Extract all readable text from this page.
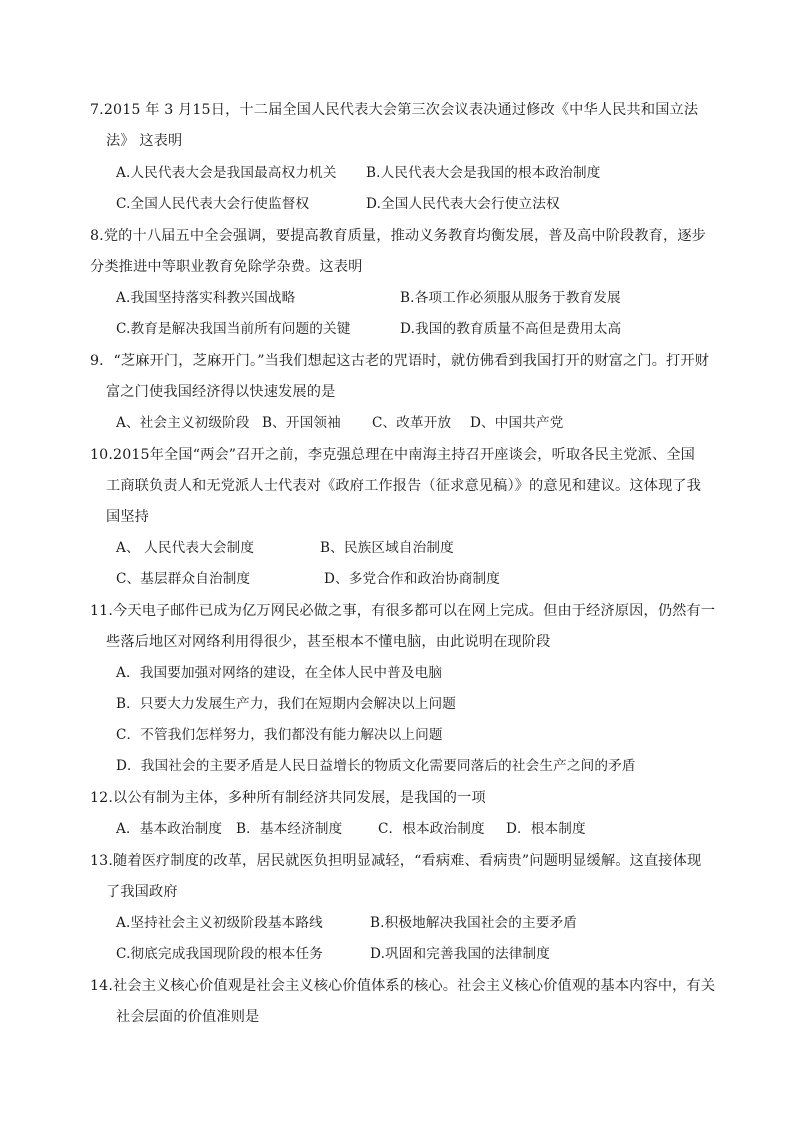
7.2015 年 3 月15日，十二届全国人民代表大会第三次会议表决通过修改《中华人民共和国立法
法》 这表明
A.人民代表大会是我国最高权力机关 B.人民代表大会是我国的根本政治制度
C.全国人民代表大会行使监督权	D.全国人民代表大会行使立法权
8.党的十八届五中全会强调，要提高教育质量，推动义务教育均衡发展，普及高中阶段教育，逐步
分类推进中等职业教育免除学杂费。这表明
A.我国坚持落实科教兴国战略	B.各项工作必须服从服务于教育发展
C.教育是解决我国当前所有问题的关键	D.我国的教育质量不高但是费用太高
9．“芝麻开门，芝麻开门。”当我们想起这古老的咒语时，就仿佛看到我国打开的财富之门。打开财
富之门使我国经济得以快速发展的是
A、社会主义初级阶段 B、开国领袖 C、改革开放 D、中国共产党
10.2015年全国“两会”召开之前，李克强总理在中南海主持召开座谈会，听取各民主党派、全国
工商联负责人和无党派人士代表对《政府工作报告（征求意见稿）》的意见和建议。这体现了我
国坚持
A、 人民代表大会制度	B、民族区域自治制度
C、基层群众自治制度	D、多党合作和政治协商制度
11.今天电子邮件已成为亿万网民必做之事，有很多都可以在网上完成。但由于经济原因，仍然有一
些落后地区对网络利用得很少，甚至根本不懂电脑，由此说明在现阶段
A．我国要加强对网络的建设，在全体人民中普及电脑
B．只要大力发展生产力，我们在短期内会解决以上问题
C．不管我们怎样努力，我们都没有能力解决以上问题
D．我国社会的主要矛盾是人民日益增长的物质文化需要同落后的社会生产之间的矛盾
12.以公有制为主体，多种所有制经济共同发展，是我国的一项
A．基本政治制度 B．基本经济制度	C．根本政治制度 D．根本制度
13.随着医疗制度的改革，居民就医负担明显减轻，“看病难、看病贵”问题明显缓解。这直接体现
了我国政府
A.坚持社会主义初级阶段基本路线	B.积极地解决我国社会的主要矛盾
C.彻底完成我国现阶段的根本任务	D.巩固和完善我国的法律制度
14.社会主义核心价值观是社会主义核心价值体系的核心。社会主义核心价值观的基本内容中，有关
社会层面的价值准则是
